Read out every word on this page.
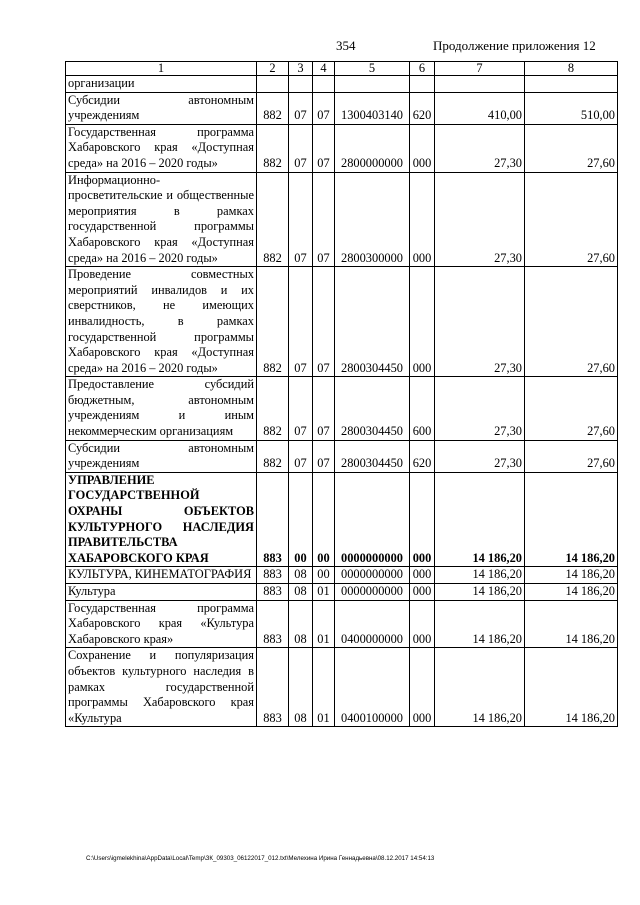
354	Продолжение приложения 12
1	2	3	4	5	6	7	8
организации							
Субсидии автономным учреждениям	882	07	07	1300403140	620	410,00	510,00
Государственная программа Хабаровского края «Доступная среда» на 2016 – 2020 годы»	882	07	07	2800000000	000	27,30	27,60
Информационно-просветительские и общественные мероприятия в рамках государственной программы Хабаровского края «Доступная среда» на 2016 – 2020 годы»	882	07	07	2800300000	000	27,30	27,60
Проведение совместных мероприятий инвалидов и их сверстников, не имеющих инвалидность, в рамках государственной программы Хабаровского края «Доступная среда» на 2016 – 2020 годы»	882	07	07	2800304450	000	27,30	27,60
Предоставление субсидий бюджетным, автономным учреждениям и иным некоммерческим организациям	882	07	07	2800304450	600	27,30	27,60
Субсидии автономным учреждениям	882	07	07	2800304450	620	27,30	27,60
УПРАВЛЕНИЕ ГОСУДАРСТВЕННОЙ ОХРАНЫ ОБЪЕКТОВ КУЛЬТУРНОГО НАСЛЕДИЯ ПРАВИТЕЛЬСТВА ХАБАРОВСКОГО КРАЯ	883	00	00	0000000000	000	14 186,20	14 186,20
КУЛЬТУРА, КИНЕМАТОГРАФИЯ	883	08	00	0000000000	000	14 186,20	14 186,20
Культура	883	08	01	0000000000	000	14 186,20	14 186,20
Государственная программа Хабаровского края «Культура Хабаровского края»	883	08	01	0400000000	000	14 186,20	14 186,20
Сохранение и популяризация объектов культурного наследия в рамках государственной программы Хабаровского края «Культура	883	08	01	0400100000	000	14 186,20	14 186,20
C:\Users\igmelekhina\AppData\Local\Temp\ЗК_09303_06122017_012.txt\Мелехина Ирина Геннадьевна\08.12.2017 14:54:13
